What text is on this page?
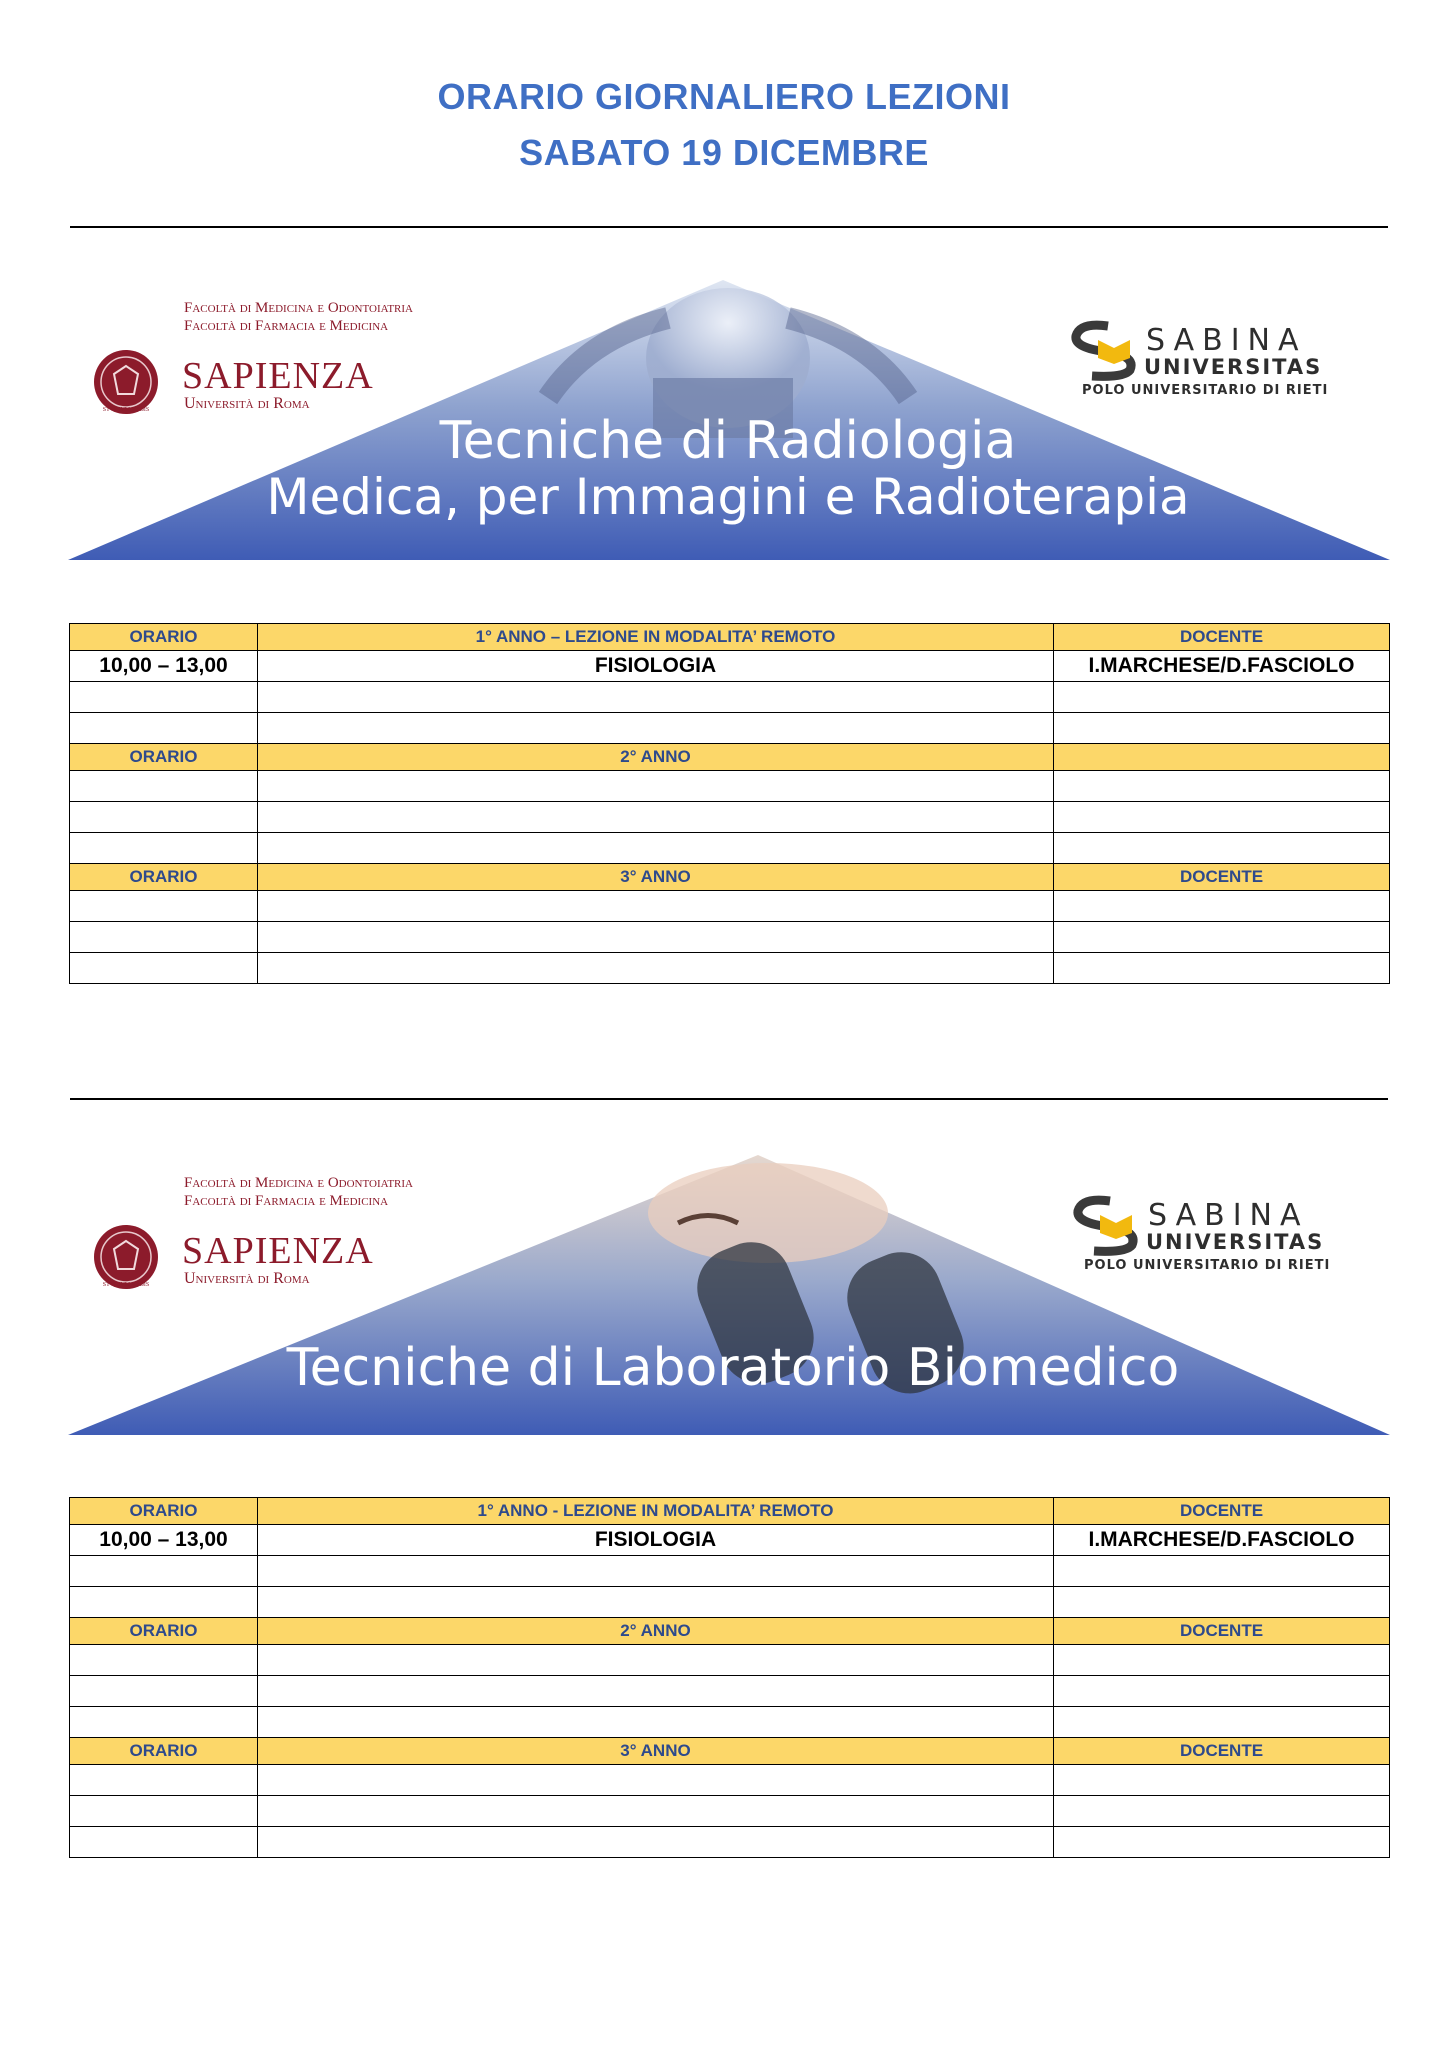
ORARIO GIORNALIERO LEZIONI
SABATO 19 DICEMBRE
Tecniche di Radiologia
Medica, per Immagini e Radioterapia
STVDIVM VRBIS
Facoltà di Medicina e Odontoiatria
Facoltà di Farmacia e Medicina
SAPIENZA
Università di Roma
SABINA
UNIVERSITAS
POLO UNIVERSITARIO DI RIETI
ORARIO	1° ANNO – LEZIONE IN MODALITA’ REMOTO	DOCENTE
10,00 – 13,00	FISIOLOGIA	I.MARCHESE/D.FASCIOLO

ORARIO	2° ANNO	

ORARIO	3° ANNO	DOCENTE

Tecniche di Laboratorio Biomedico
STVDIVM VRBIS
Facoltà di Medicina e Odontoiatria
Facoltà di Farmacia e Medicina
SAPIENZA
Università di Roma
SABINA
UNIVERSITAS
POLO UNIVERSITARIO DI RIETI
ORARIO	1° ANNO - LEZIONE IN MODALITA’ REMOTO	DOCENTE
10,00 – 13,00	FISIOLOGIA	I.MARCHESE/D.FASCIOLO

ORARIO	2° ANNO	DOCENTE

ORARIO	3° ANNO	DOCENTE
